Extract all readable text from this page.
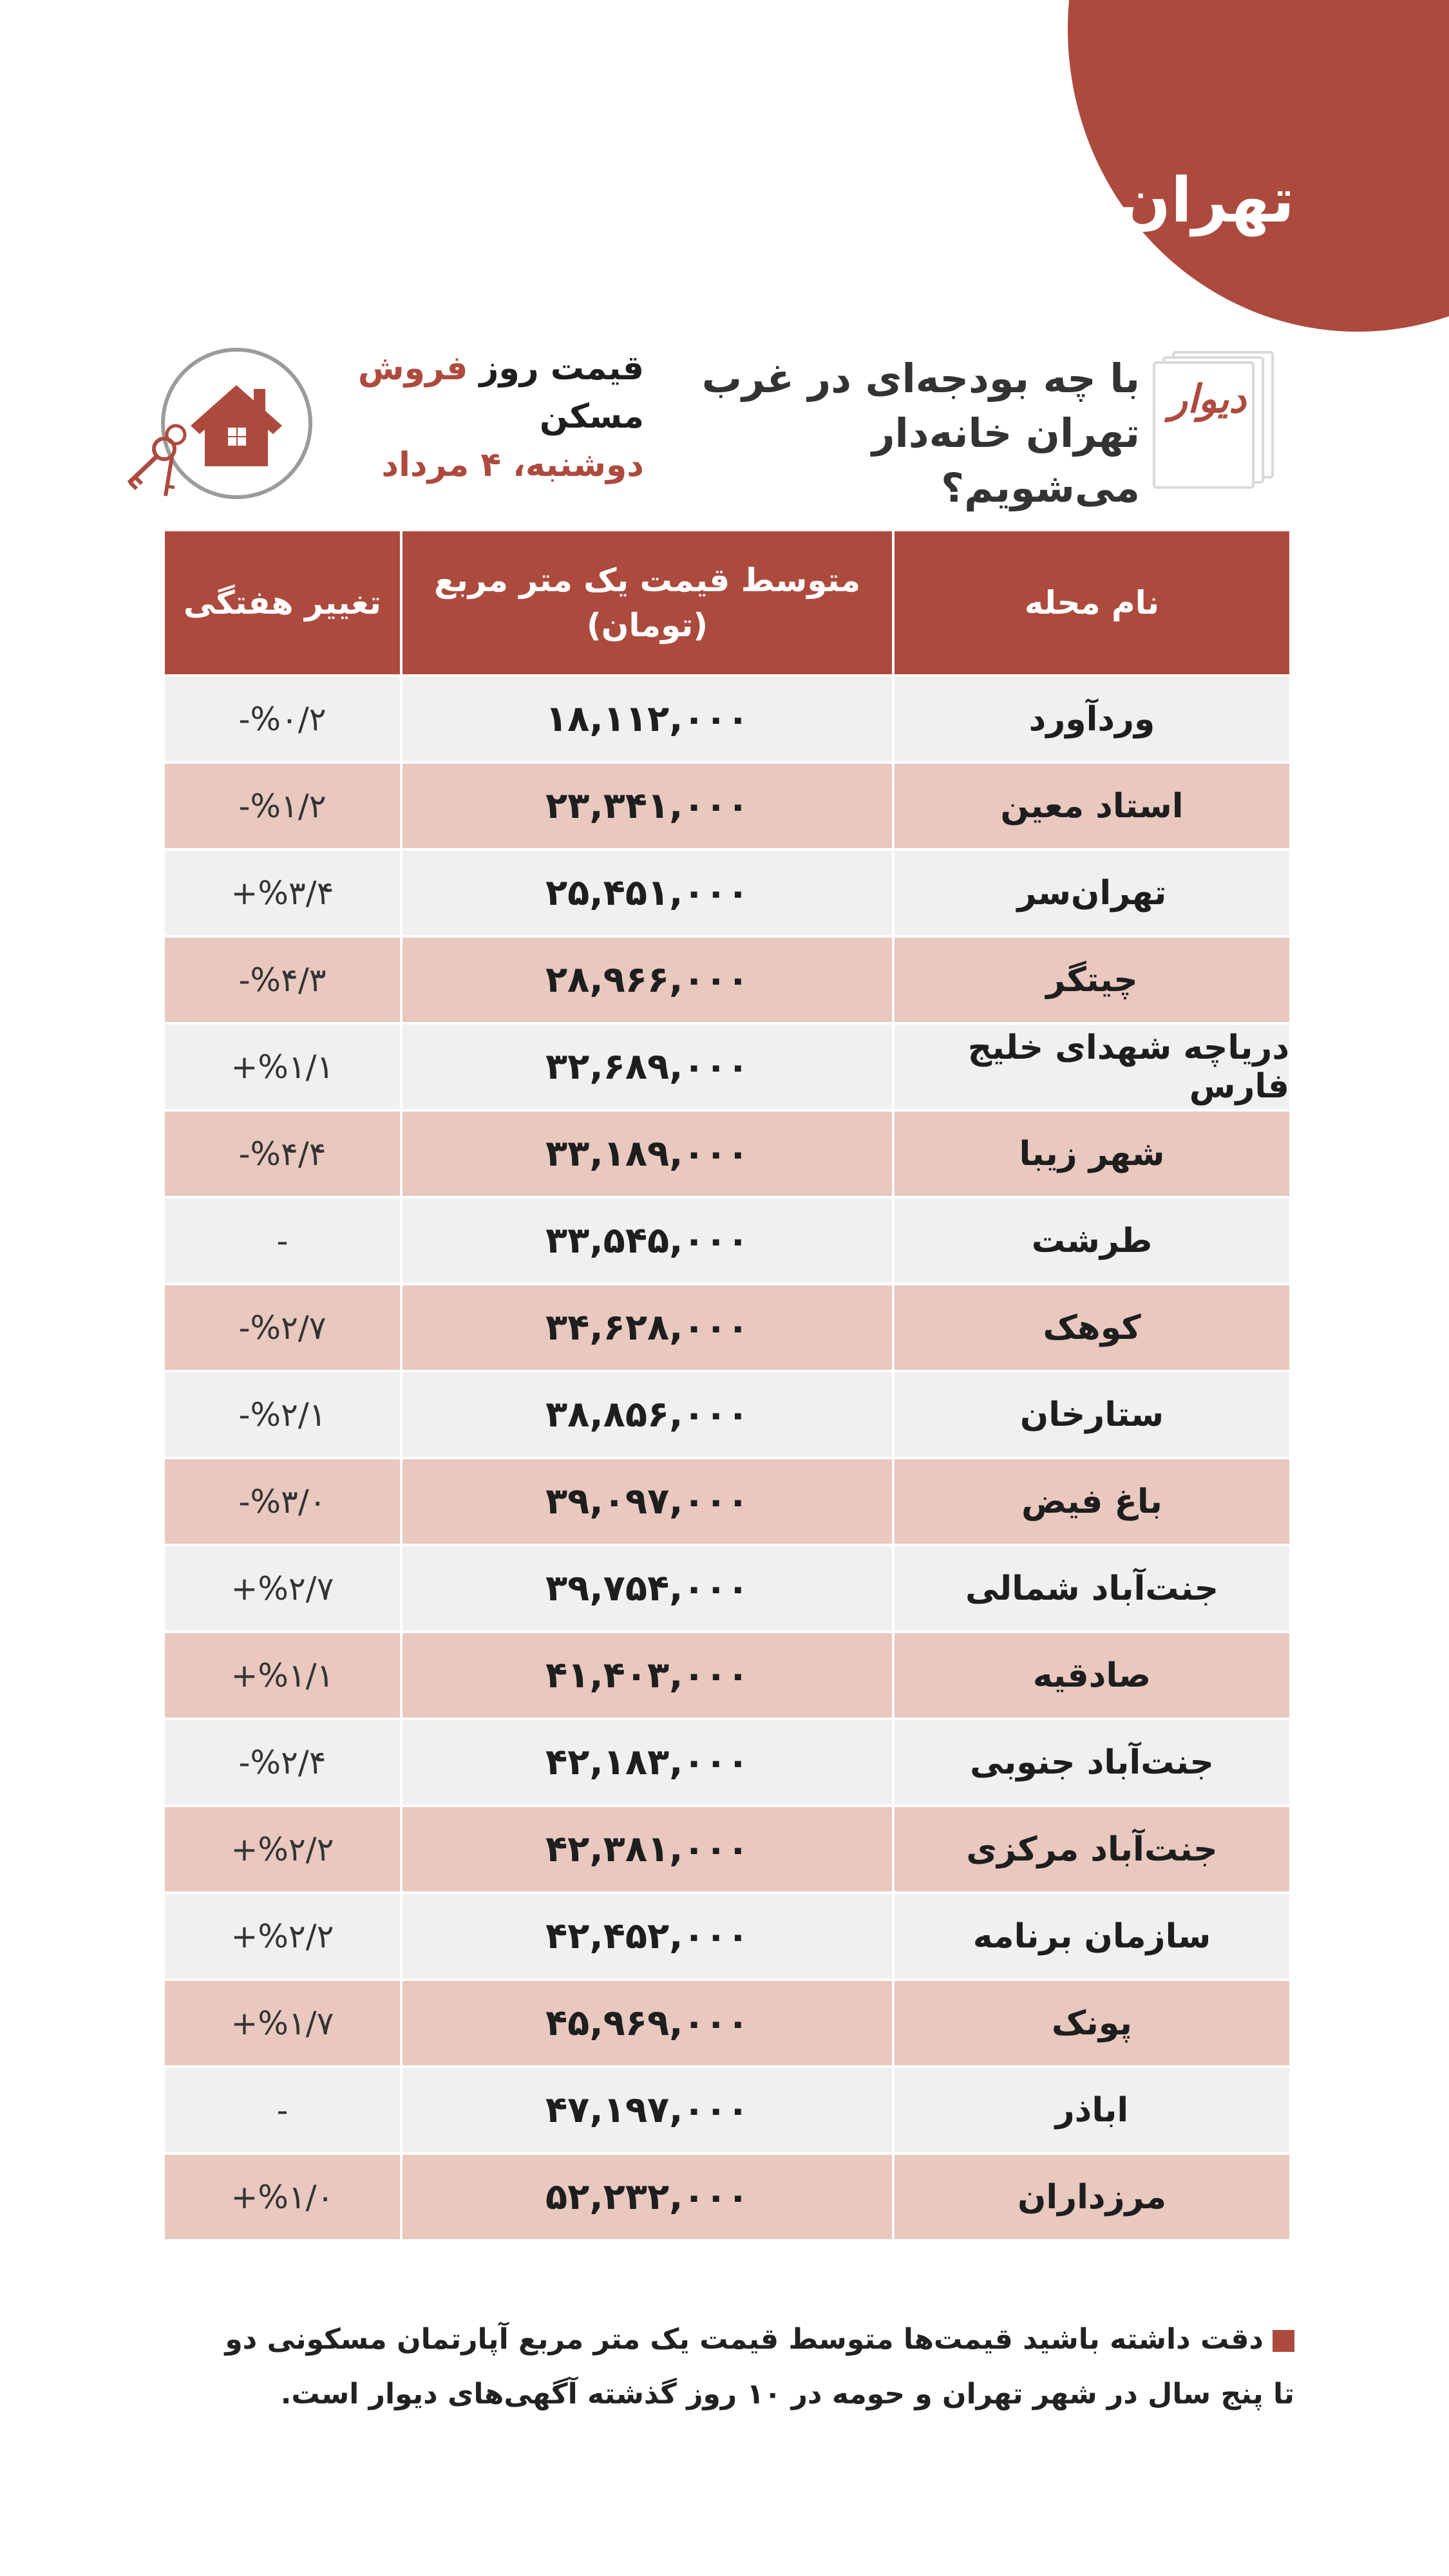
تهران
دیوار
با چه بودجه‌ای در غرب
تهران خانه‌دار می‌شویم؟
قیمت روز فروش مسکن
دوشنبه، ۴ مرداد
نام محله
متوسط قیمت یک متر مربع (تومان)
تغییر هفتگی
وردآورد
۱۸,۱۱۲,۰۰۰
-%۰/۲
استاد معین
۲۳,۳۴۱,۰۰۰
-%۱/۲
تهران‌سر
۲۵,۴۵۱,۰۰۰
+%۳/۴
چیتگر
۲۸,۹۶۶,۰۰۰
-%۴/۳
دریاچه شهدای خلیج فارس
۳۲,۶۸۹,۰۰۰
+%۱/۱
شهر زیبا
۳۳,۱۸۹,۰۰۰
-%۴/۴
طرشت
۳۳,۵۴۵,۰۰۰
-
کوهک
۳۴,۶۲۸,۰۰۰
-%۲/۷
ستارخان
۳۸,۸۵۶,۰۰۰
-%۲/۱
باغ فیض
۳۹,۰۹۷,۰۰۰
-%۳/۰
جنت‌آباد شمالی
۳۹,۷۵۴,۰۰۰
+%۲/۷
صادقیه
۴۱,۴۰۳,۰۰۰
+%۱/۱
جنت‌آباد جنوبی
۴۲,۱۸۳,۰۰۰
-%۲/۴
جنت‌آباد مرکزی
۴۲,۳۸۱,۰۰۰
+%۲/۲
سازمان برنامه
۴۲,۴۵۲,۰۰۰
+%۲/۲
پونک
۴۵,۹۶۹,۰۰۰
+%۱/۷
اباذر
۴۷,۱۹۷,۰۰۰
-
مرزداران
۵۲,۲۳۲,۰۰۰
+%۱/۰
دقت داشته باشید قیمت‌ها متوسط قیمت یک متر مربع آپارتمان مسکونی دو تا پنج سال در شهر تهران و حومه در ۱۰ روز گذشته آگهی‌های دیوار است.
